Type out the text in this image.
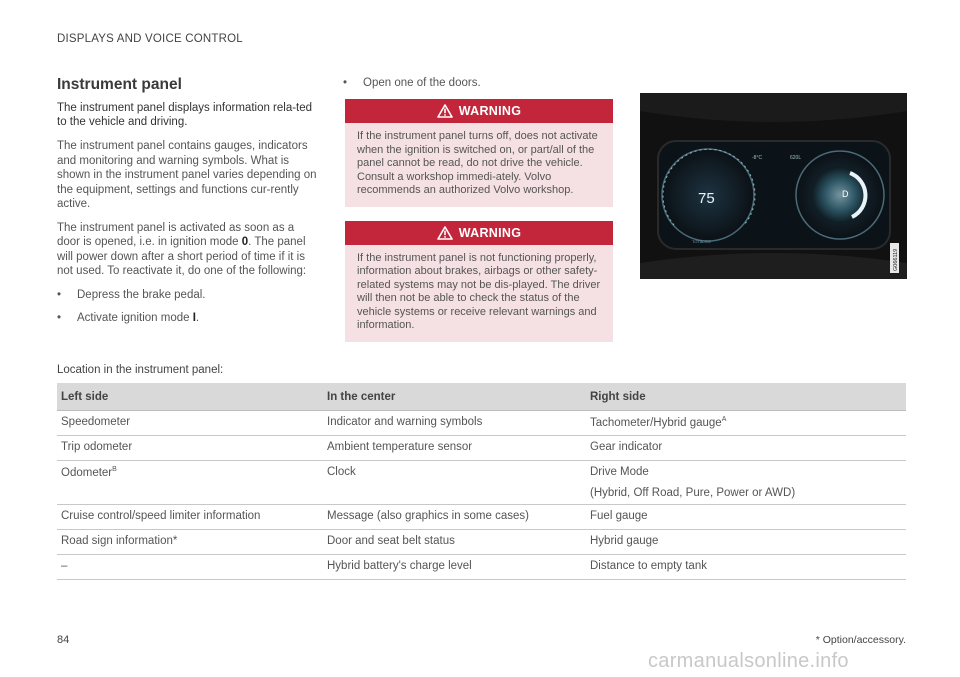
DISPLAYS AND VOICE CONTROL
Instrument panel

The instrument panel displays information rela-ted to the vehicle and driving.

The instrument panel contains gauges, indicators and monitoring and warning symbols. What is shown in the instrument panel varies depending on the equipment, settings and functions cur-rently active.

The instrument panel is activated as soon as a door is opened, i.e. in ignition mode 0. The panel will power down after a short period of time if it is not used. To reactivate it, do one of the following:

•	Depress the brake pedal.
•	Activate ignition mode I.
•	Open one of the doors.
WARNING
If the instrument panel turns off, does not activate when the ignition is switched on, or part/all of the panel cannot be read, do not drive the vehicle. Consult a workshop immedi-ately. Volvo recommends an authorized Volvo workshop.
WARNING
If the instrument panel is not functioning properly, information about brakes, airbags or other safety-related systems may not be dis-played. The driver will then not be able to check the status of the vehicle systems or receive relevant warnings and information.
75	D
-8°C	620L
TOTALKM
G066119
Location in the instrument panel:
Left side	In the center	Right side
Speedometer	Indicator and warning symbols	Tachometer/Hybrid gauge$^A$
Trip odometer	Ambient temperature sensor	Gear indicator
Odometer$^B$	Clock	Drive Mode
(Hybrid, Off Road, Pure, Power or AWD)

Cruise control/speed limiter information	Message (also graphics in some cases)	Fuel gauge
Road sign information*	Door and seat belt status	Hybrid gauge
–	Hybrid battery's charge level	Distance to empty tank
84	* Option/accessory.
carmanualsonline.info
